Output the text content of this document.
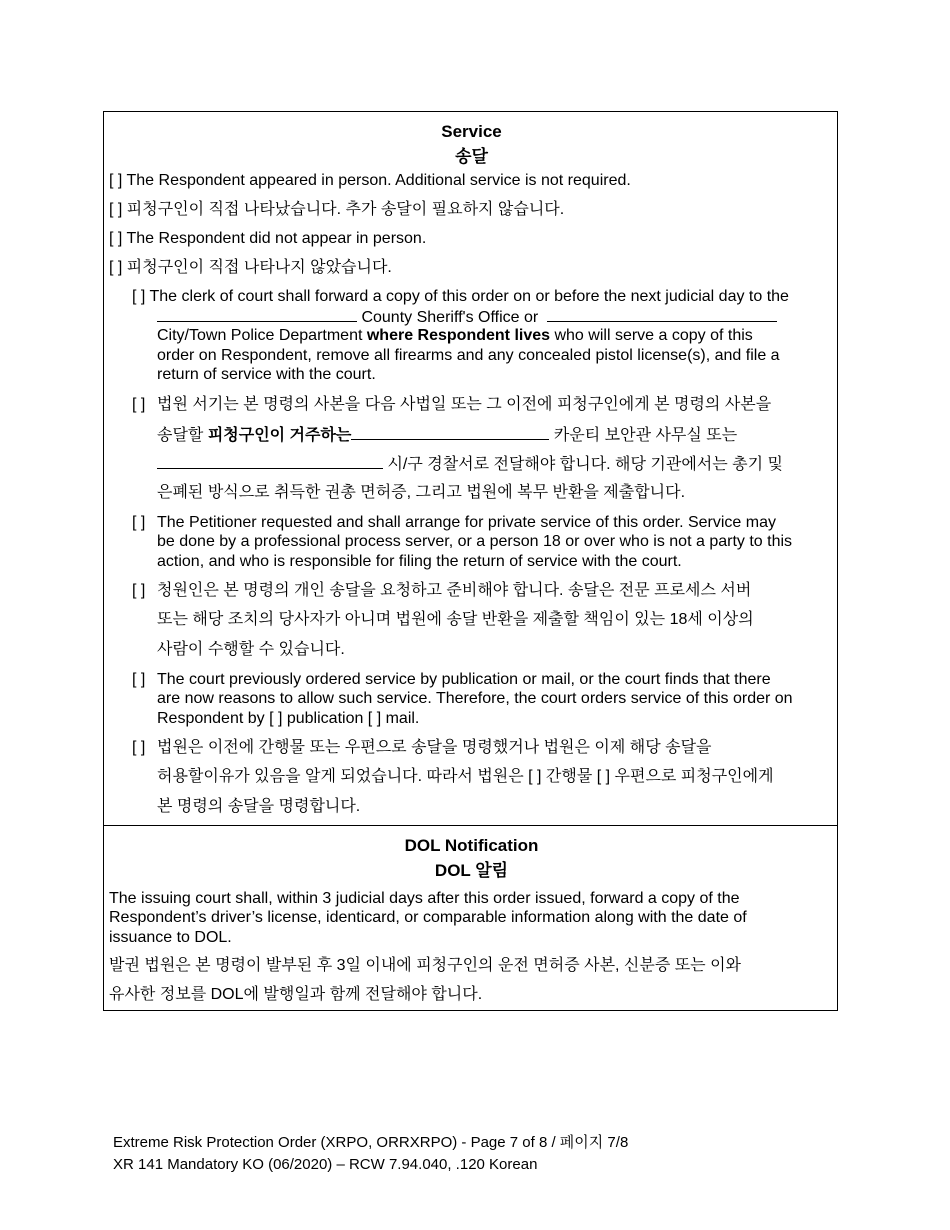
Service
송달
[ ] The Respondent appeared in person. Additional service is not required.
[ ] 피청구인이 직접 나타났습니다. 추가 송달이 필요하지 않습니다.
[ ] The Respondent did not appear in person.
[ ] 피청구인이 직접 나타나지 않았습니다.
[ ] The clerk of court shall forward a copy of this order on or before the next judicial day to the
County Sheriff's Office or
City/Town Police Department where Respondent lives who will serve a copy of this
order on Respondent, remove all firearms and any concealed pistol license(s), and file a
return of service with the court.
[ ] 법원 서기는 본 명령의 사본을 다음 사법일 또는 그 이전에 피청구인에게 본 명령의 사본을
송달할 피청구인이 거주하는	카운티 보안관 사무실 또는
시/구 경찰서로 전달해야 합니다. 해당 기관에서는 총기 및
은폐된 방식으로 취득한 권총 면허증, 그리고 법원에 복무 반환을 제출합니다.
[ ] The Petitioner requested and shall arrange for private service of this order. Service may
be done by a professional process server, or a person 18 or over who is not a party to this
action, and who is responsible for filing the return of service with the court.
[ ] 청원인은 본 명령의 개인 송달을 요청하고 준비해야 합니다. 송달은 전문 프로세스 서버
또는 해당 조치의 당사자가 아니며 법원에 송달 반환을 제출할 책임이 있는 18세 이상의
사람이 수행할 수 있습니다.
[ ] The court previously ordered service by publication or mail, or the court finds that there
are now reasons to allow such service. Therefore, the court orders service of this order on
Respondent by [ ] publication [ ] mail.
[ ] 법원은 이전에 간행물 또는 우편으로 송달을 명령했거나 법원은 이제 해당 송달을
허용할이유가 있음을 알게 되었습니다. 따라서 법원은 [ ] 간행물 [ ] 우편으로 피청구인에게
본 명령의 송달을 명령합니다.
DOL Notification
DOL 알림
The issuing court shall, within 3 judicial days after this order issued, forward a copy of the
Respondent’s driver’s license, identicard, or comparable information along with the date of
issuance to DOL.
발권 법원은 본 명령이 발부된 후 3일 이내에 피청구인의 운전 면허증 사본, 신분증 또는 이와
유사한 정보를 DOL에 발행일과 함께 전달해야 합니다.
Extreme Risk Protection Order (XRPO, ORRXRPO) - Page 7 of 8 / 페이지 7/8
XR 141 Mandatory KO (06/2020) – RCW 7.94.040, .120 Korean
